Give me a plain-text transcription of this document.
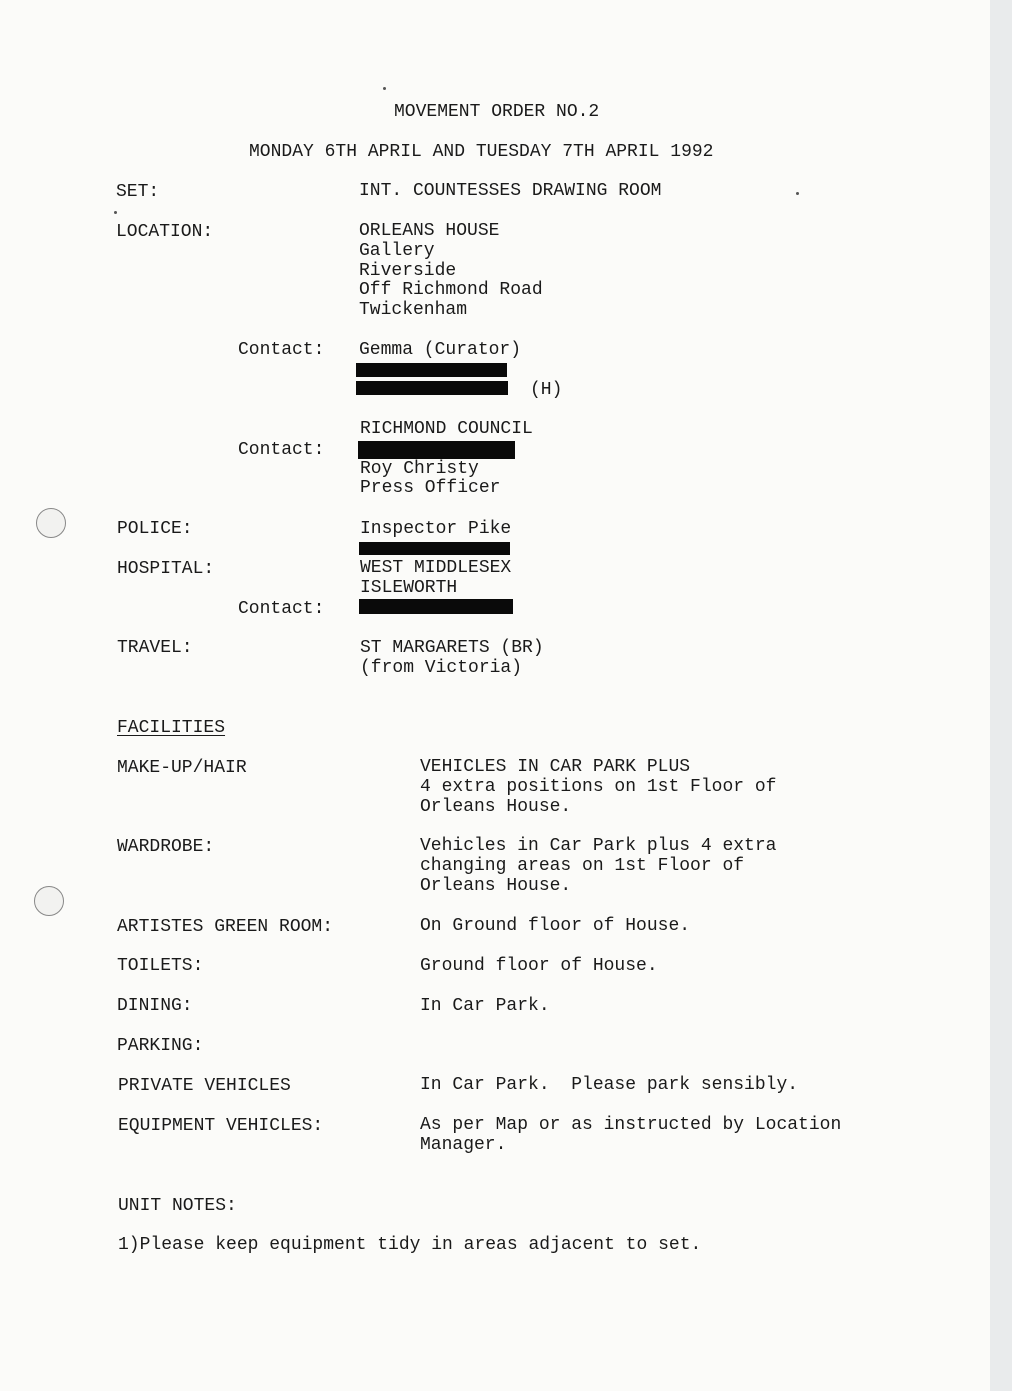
MOVEMENT ORDER NO.2
MONDAY 6TH APRIL AND TUESDAY 7TH APRIL 1992
SET:	INT. COUNTESSES DRAWING ROOM
LOCATION:	ORLEANS HOUSE
Gallery
Riverside
Off Richmond Road
Twickenham
Contact: Gemma (Curator)
(H)
RICHMOND COUNCIL
Contact:
Roy Christy
Press Officer
POLICE:	Inspector Pike
HOSPITAL:	WEST MIDDLESEX
ISLEWORTH
Contact:
TRAVEL:	ST MARGARETS (BR)
(from Victoria)
FACILITIES
MAKE-UP/HAIR	VEHICLES IN CAR PARK PLUS
4 extra positions on 1st Floor of
Orleans House.
WARDROBE:	Vehicles in Car Park plus 4 extra
changing areas on 1st Floor of
Orleans House.
ARTISTES GREEN ROOM:	On Ground floor of House.
TOILETS:	Ground floor of House.
DINING:	In Car Park.
PARKING:
PRIVATE VEHICLES	In Car Park.  Please park sensibly.
EQUIPMENT VEHICLES:	As per Map or as instructed by Location
Manager.
UNIT NOTES:
1)Please keep equipment tidy in areas adjacent to set.
